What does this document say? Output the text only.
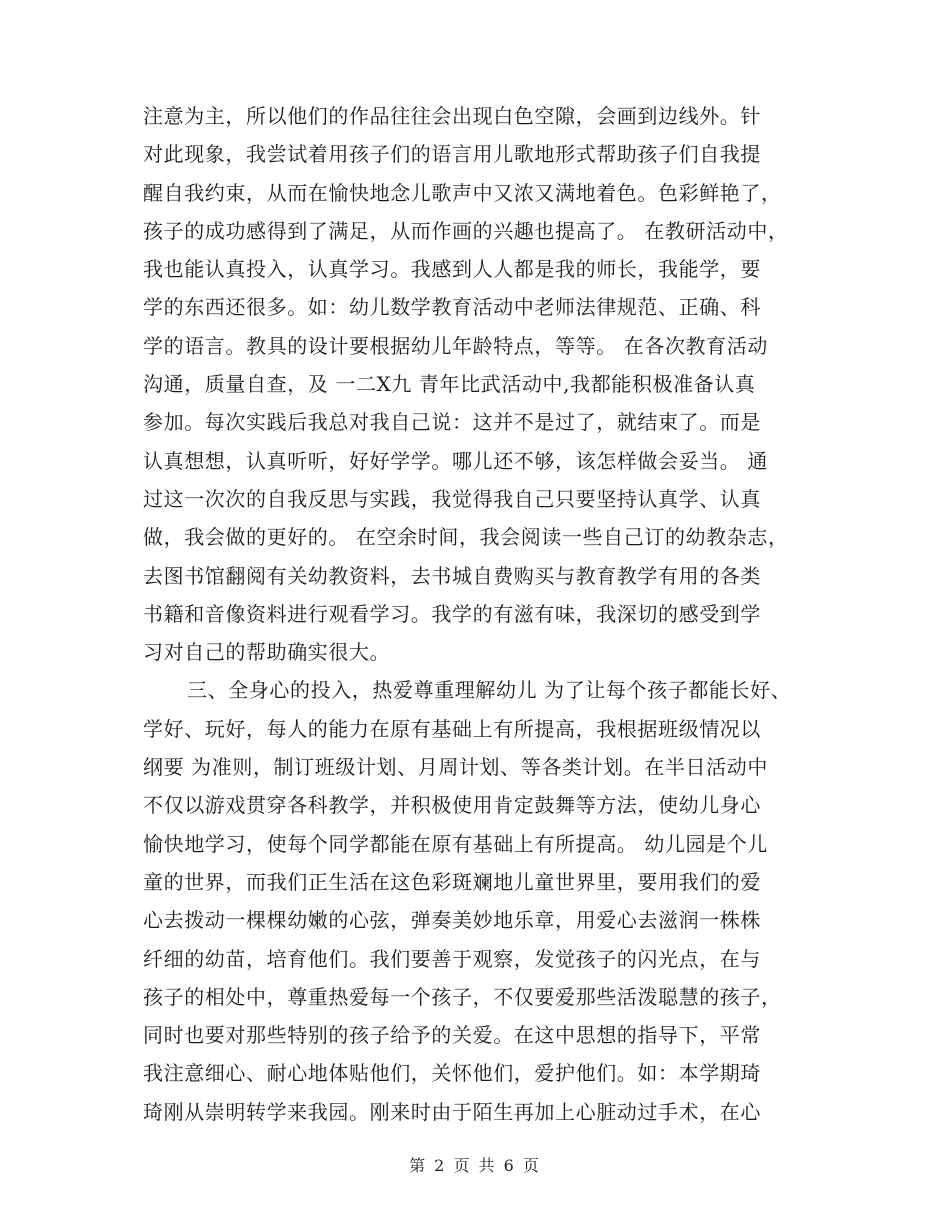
注意为主，所以他们的作品往往会出现白色空隙，会画到边线外。针
对此现象，我尝试着用孩子们的语言用儿歌地形式帮助孩子们自我提
醒自我约束，从而在愉快地念儿歌声中又浓又满地着色。色彩鲜艳了，
孩子的成功感得到了满足，从而作画的兴趣也提高了。 在教研活动中，
我也能认真投入，认真学习。我感到人人都是我的师长，我能学，要
学的东西还很多。如：幼儿数学教育活动中老师法律规范、正确、科
学的语言。教具的设计要根据幼儿年龄特点，等等。 在各次教育活动
沟通，质量自查，及 一二X九 青年比武活动中,我都能积极准备认真
参加。每次实践后我总对我自己说：这并不是过了，就结束了。而是
认真想想，认真听听，好好学学。哪儿还不够，该怎样做会妥当。 通
过这一次次的自我反思与实践，我觉得我自己只要坚持认真学、认真
做，我会做的更好的。 在空余时间，我会阅读一些自己订的幼教杂志，
去图书馆翻阅有关幼教资料，去书城自费购买与教育教学有用的各类
书籍和音像资料进行观看学习。我学的有滋有味，我深切的感受到学
习对自己的帮助确实很大。
三、全身心的投入，热爱尊重理解幼儿 为了让每个孩子都能长好、
学好、玩好，每人的能力在原有基础上有所提高，我根据班级情况以
纲要 为准则，制订班级计划、月周计划、等各类计划。在半日活动中
不仅以游戏贯穿各科教学，并积极使用肯定鼓舞等方法，使幼儿身心
愉快地学习，使每个同学都能在原有基础上有所提高。 幼儿园是个儿
童的世界，而我们正生活在这色彩斑斓地儿童世界里，要用我们的爱
心去拨动一棵棵幼嫩的心弦，弹奏美妙地乐章，用爱心去滋润一株株
纤细的幼苗，培育他们。我们要善于观察，发觉孩子的闪光点，在与
孩子的相处中，尊重热爱每一个孩子，不仅要爱那些活泼聪慧的孩子，
同时也要对那些特别的孩子给予的关爱。在这中思想的指导下，平常
我注意细心、耐心地体贴他们，关怀他们，爱护他们。如：本学期琦
琦刚从崇明转学来我园。刚来时由于陌生再加上心脏动过手术，在心
第 2 页 共 6 页
